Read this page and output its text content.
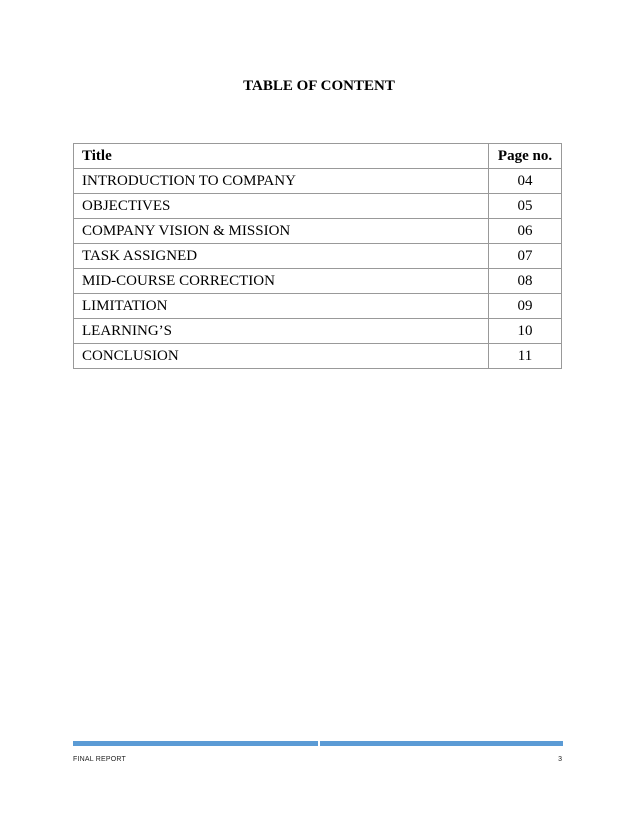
TABLE OF CONTENT
Title	Page no.
INTRODUCTION TO COMPANY	04
OBJECTIVES	05
COMPANY VISION & MISSION	06
TASK ASSIGNED	07
MID-COURSE CORRECTION	08
LIMITATION	09
LEARNING’S	10
CONCLUSION	11
FINAL REPORT	3
